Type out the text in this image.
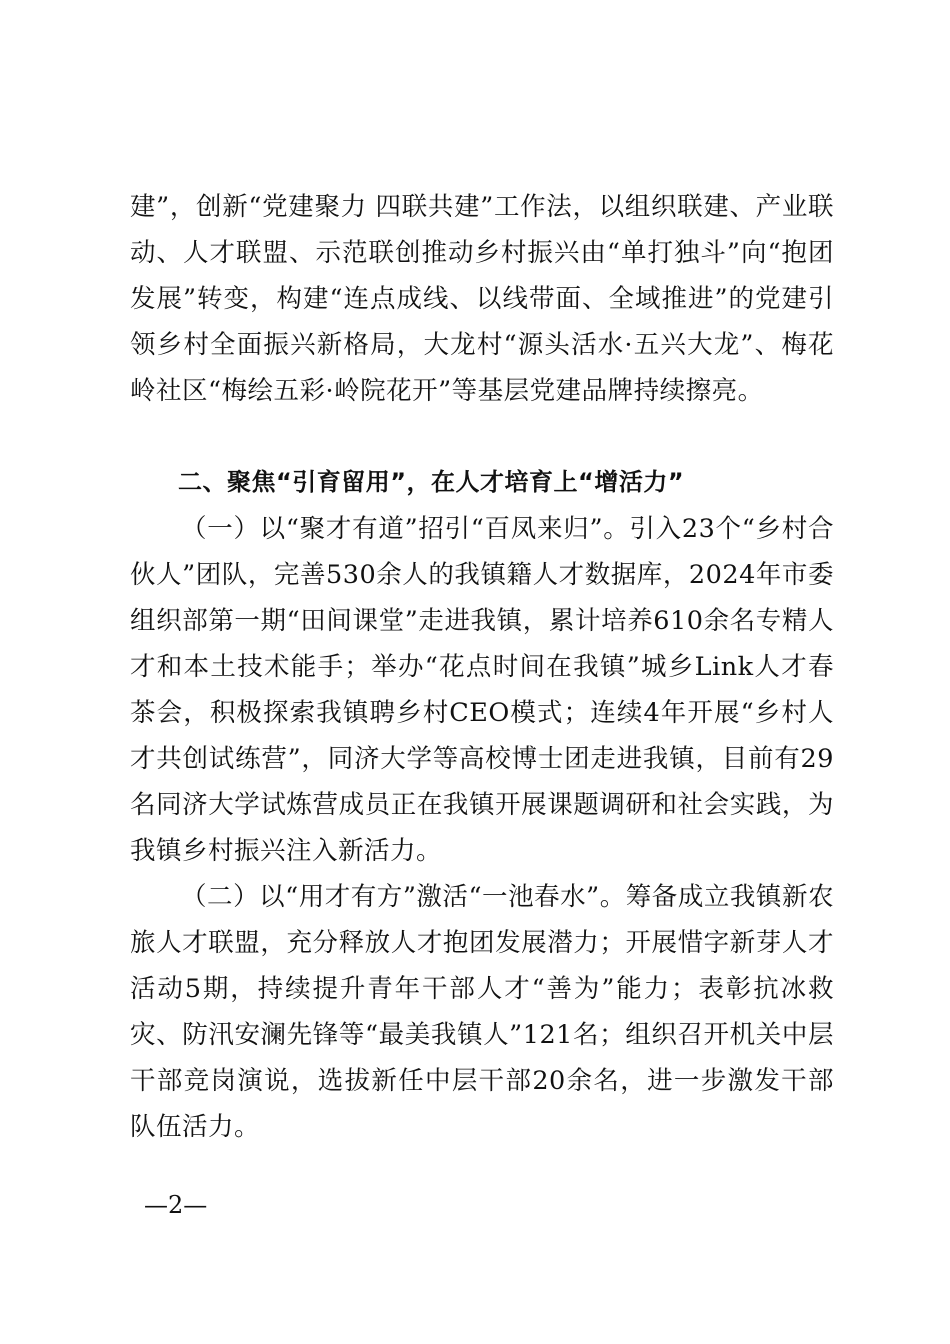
建”，创新“党建聚力 四联共建”工作法，以组织联建、产业联动、人才联盟、示范联创推动乡村振兴由“单打独斗”向“抱团发展”转变，构建“连点成线、以线带面、全域推进”的党建引领乡村全面振兴新格局，大龙村“源头活水·五兴大龙”、梅花岭社区“梅绘五彩·岭院花开”等基层党建品牌持续擦亮。

二、聚焦“引育留用”，在人才培育上“增活力”

（一）以“聚才有道”招引“百凤来归”。引入23个“乡村合伙人”团队，完善530余人的我镇籍人才数据库，2024年市委组织部第一期“田间课堂”走进我镇，累计培养610余名专精人才和本土技术能手；举办“花点时间在我镇”城乡Link人才春茶会，积极探索我镇聘乡村CEO模式；连续4年开展“乡村人才共创试练营”，同济大学等高校博士团走进我镇，目前有29名同济大学试炼营成员正在我镇开展课题调研和社会实践，为我镇乡村振兴注入新活力。

（二）以“用才有方”激活“一池春水”。筹备成立我镇新农旅人才联盟，充分释放人才抱团发展潜力；开展惜字新芽人才活动5期，持续提升青年干部人才“善为”能力；表彰抗冰救灾、防汛安澜先锋等“最美我镇人”121名；组织召开机关中层干部竞岗演说，选拔新任中层干部20余名，进一步激发干部队伍活力。

—2—
